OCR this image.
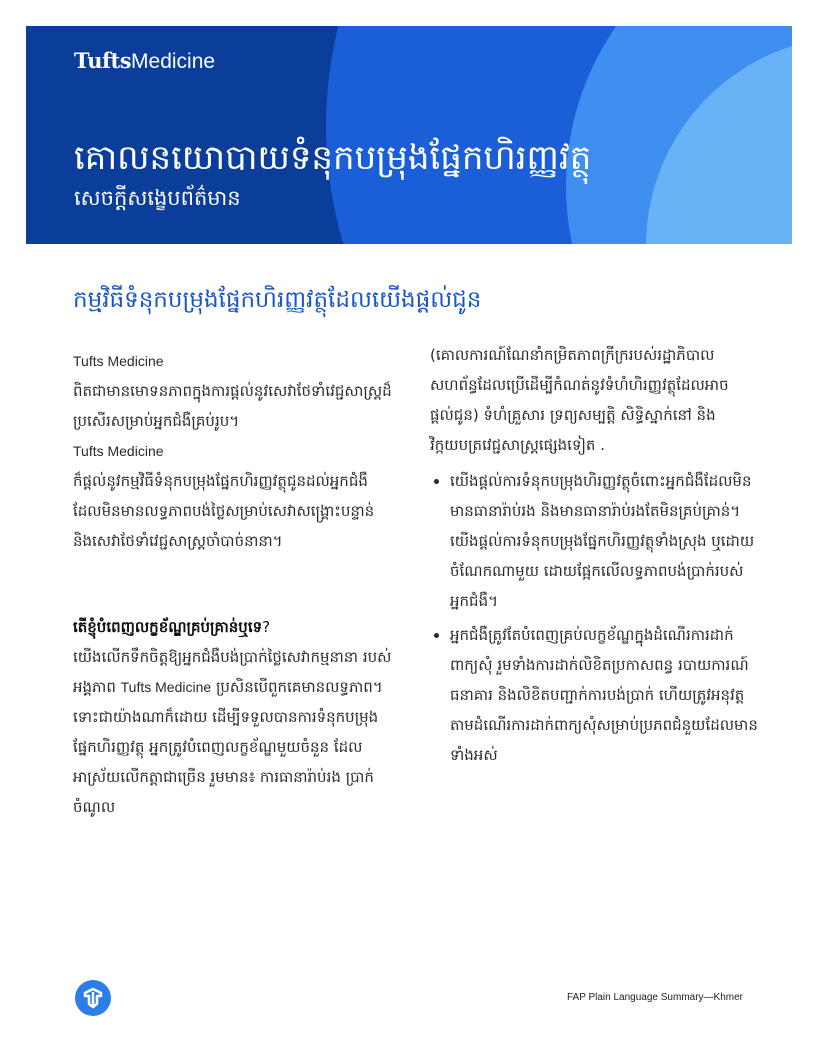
TuftsMedicine
គោលនយោបាយទំនុកបម្រុងផ្នែកហិរញ្ញវត្ថុ
សេចក្តីសង្ខេបព័ត៌មាន
កម្មវិធីទំនុកបម្រុងផ្នែកហិរញ្ញវត្ថុដែលយើងផ្ដល់ជូន

Tufts Medicine

ពិតជាមានមោទនភាពក្នុងការផ្ដល់នូវសេវាថែទាំវេជ្ជសាស្ត្រដ៏ប្រសើរសម្រាប់អ្នកជំងឺគ្រប់រូប។

Tufts Medicine

ក៏ផ្ដល់នូវកម្មវិធីទំនុកបម្រុងផ្នែកហិរញ្ញវត្ថុជូនដល់អ្នកជំងឺដែលមិនមានលទ្ធភាពបង់ថ្លៃសម្រាប់សេវាសង្គ្រោះបន្ទាន់ និងសេវាថែទាំវេជ្ជសាស្ត្រចាំបាច់នានា។

តើខ្ញុំបំពេញលក្ខខ័ណ្ឌគ្រប់គ្រាន់ឬទេ?

យើងលើកទឹកចិត្តឱ្យអ្នកជំងឺបង់ប្រាក់ថ្លៃសេវាកម្មនានា របស់អង្គភាព Tufts Medicine ប្រសិនបើពួកគេមានលទ្ធភាព។ ទោះជាយ៉ាងណាក៏ដោយ ដើម្បីទទួលបានការទំនុកបម្រុងផ្នែកហិរញ្ញវត្ថុ អ្នកត្រូវបំពេញលក្ខខ័ណ្ឌមួយចំនួន ដែលអាស្រ័យលើកត្តាជាច្រើន រួមមាន៖ ការធានារ៉ាប់រង ប្រាក់ចំណូល

(គោលការណ៍ណែនាំកម្រិតភាពក្រីក្ររបស់រដ្ឋាភិបាលសហព័ន្ធដែលប្រើដើម្បីកំណត់នូវទំហំហិរញ្ញវត្ថុដែលអាចផ្ដល់ជូន) ទំហំគ្រួសារ ទ្រព្យសម្បត្តិ សិទ្ធិស្នាក់នៅ និងវិក្កយបត្រវេជ្ជសាស្ត្រផ្សេងទៀត .

• យើងផ្ដល់ការទំនុកបម្រុងហិរញ្ញវត្ថុចំពោះអ្នកជំងឺដែលមិនមានធានារ៉ាប់រង និងមានធានារ៉ាប់រងតែមិនគ្រប់គ្រាន់។ យើងផ្ដល់ការទំនុកបម្រុងផ្នែកហិរញ្ញវត្ថុទាំងស្រុង ឬដោយចំណែកណាមួយ ដោយផ្អែកលើលទ្ធភាពបង់ប្រាក់របស់អ្នកជំងឺ។
• អ្នកជំងឺត្រូវតែបំពេញគ្រប់លក្ខខ័ណ្ឌក្នុងដំណើរការដាក់ពាក្យសុំ រួមទាំងការដាក់លិខិតប្រកាសពន្ធ របាយការណ៍ធនាគារ និងលិខិតបញ្ជាក់ការបង់ប្រាក់ ហើយត្រូវអនុវត្តតាមដំណើរការដាក់ពាក្យសុំសម្រាប់ប្រភពជំនួយដែលមានទាំងអស់
FAP Plain Language Summary—Khmer
